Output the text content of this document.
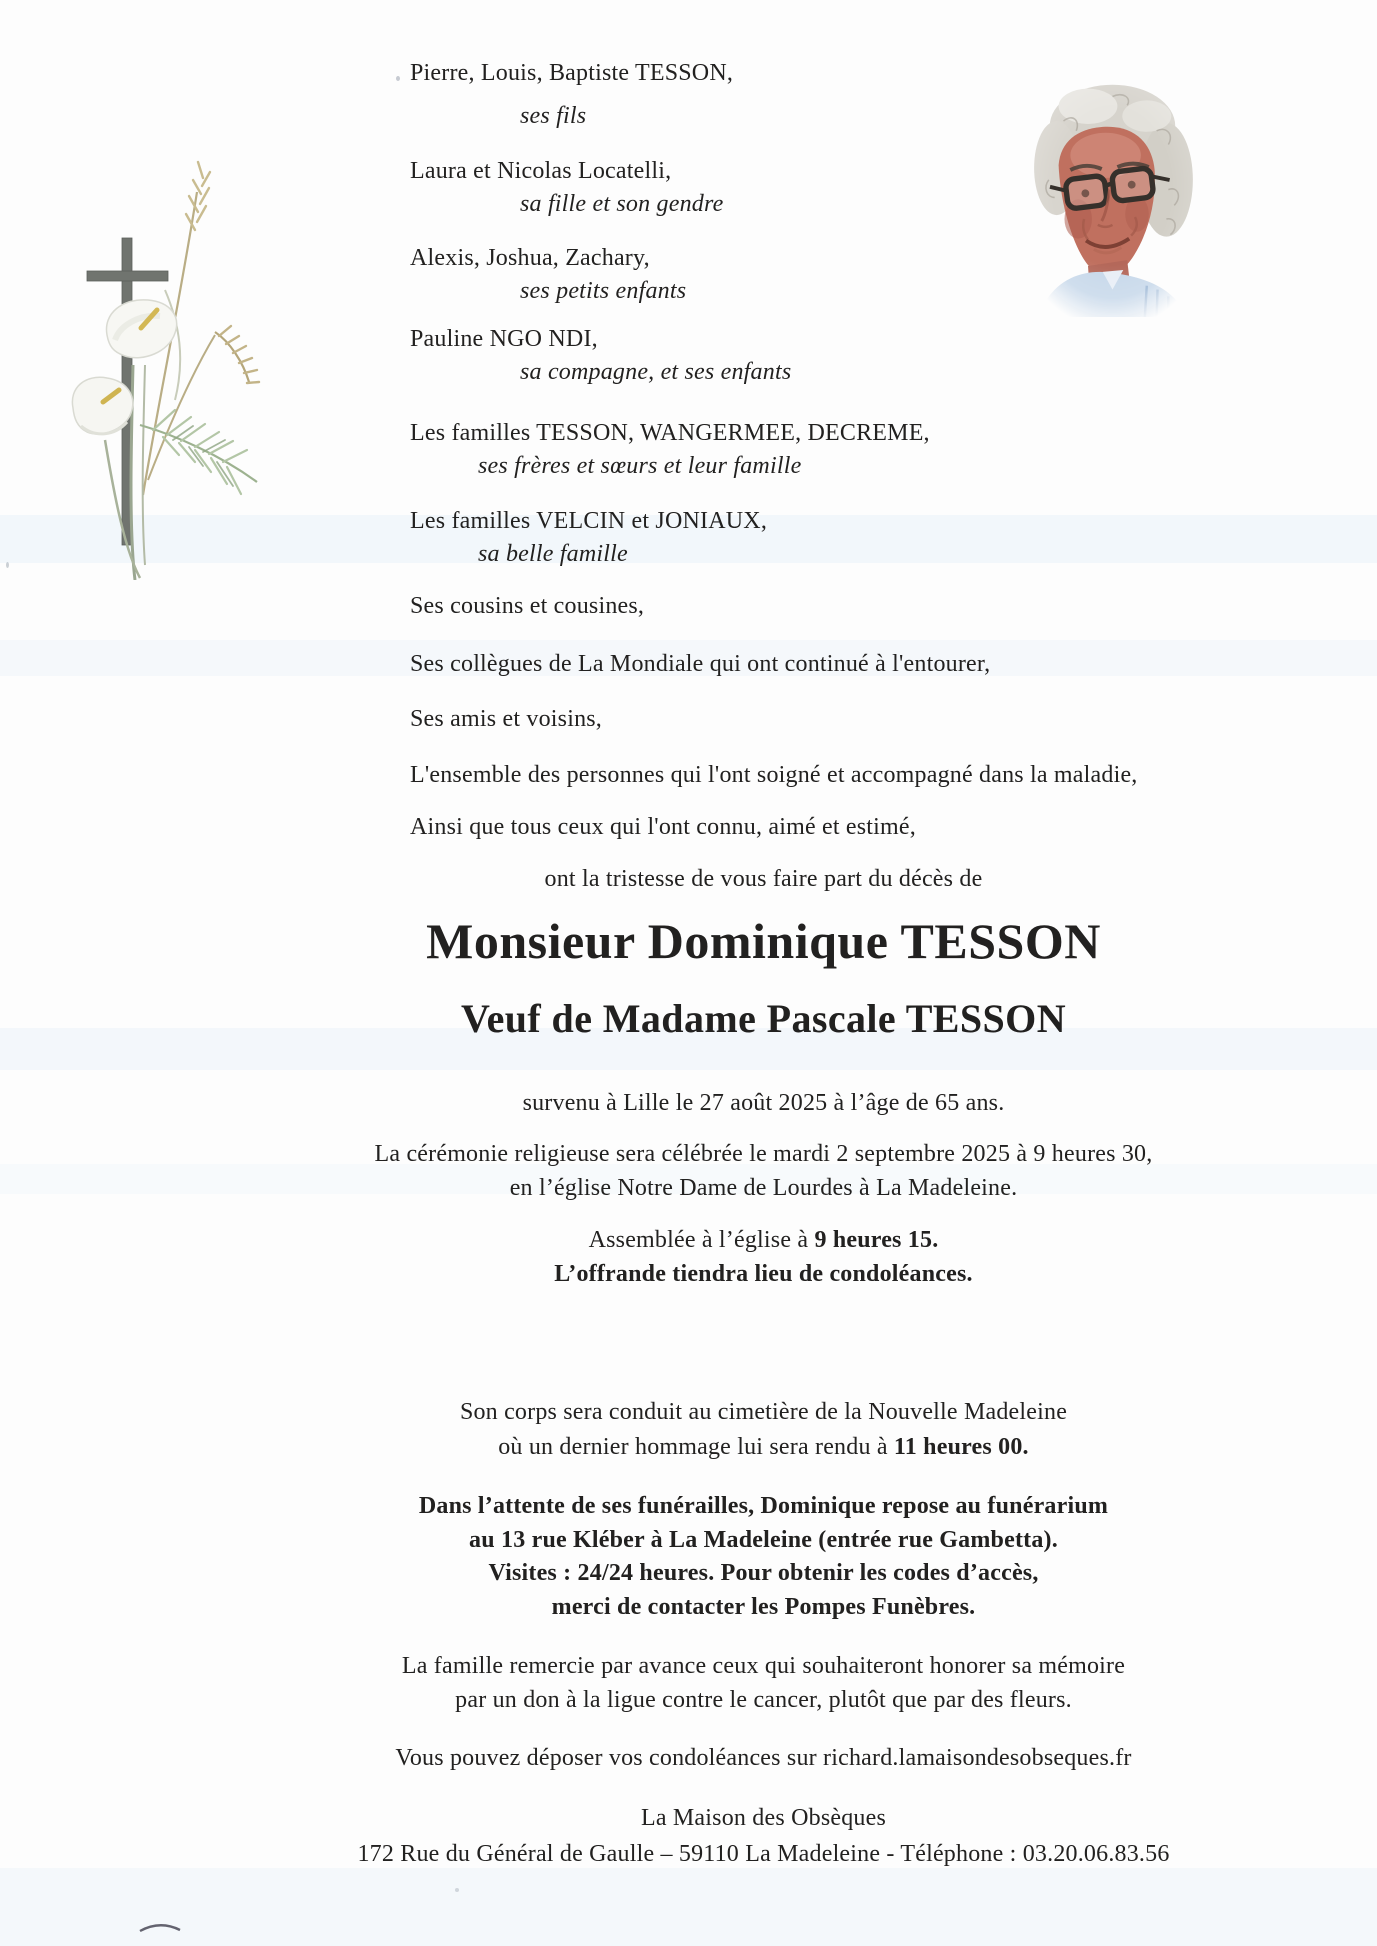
Pierre, Louis, Baptiste TESSON,
ses fils
Laura et Nicolas Locatelli,
sa fille et son gendre
Alexis, Joshua, Zachary,
ses petits enfants
Pauline NGO NDI,
sa compagne, et ses enfants
Les familles TESSON, WANGERMEE, DECREME,
ses frères et sœurs et leur famille
Les familles VELCIN et JONIAUX,
sa belle famille
Ses cousins et cousines,
Ses collègues de La Mondiale qui ont continué à l'entourer,
Ses amis et voisins,
L'ensemble des personnes qui l'ont soigné et accompagné dans la maladie,
Ainsi que tous ceux qui l'ont connu, aimé et estimé,
ont la tristesse de vous faire part du décès de
Monsieur Dominique TESSON
Veuf de Madame Pascale TESSON
survenu à Lille le 27 août 2025 à l’âge de 65 ans.
La cérémonie religieuse sera célébrée le mardi 2 septembre 2025 à 9 heures 30,
en l’église Notre Dame de Lourdes à La Madeleine.
Assemblée à l’église à 9 heures 15.
L’offrande tiendra lieu de condoléances.
Son corps sera conduit au cimetière de la Nouvelle Madeleine
où un dernier hommage lui sera rendu à 11 heures 00.
Dans l’attente de ses funérailles, Dominique repose au funérarium
au 13 rue Kléber à La Madeleine (entrée rue Gambetta).
Visites : 24/24 heures. Pour obtenir les codes d’accès,
merci de contacter les Pompes Funèbres.
La famille remercie par avance ceux qui souhaiteront honorer sa mémoire
par un don à la ligue contre le cancer, plutôt que par des fleurs.
Vous pouvez déposer vos condoléances sur richard.lamaisondesobseques.fr
La Maison des Obsèques
172 Rue du Général de Gaulle – 59110 La Madeleine - Téléphone : 03.20.06.83.56
